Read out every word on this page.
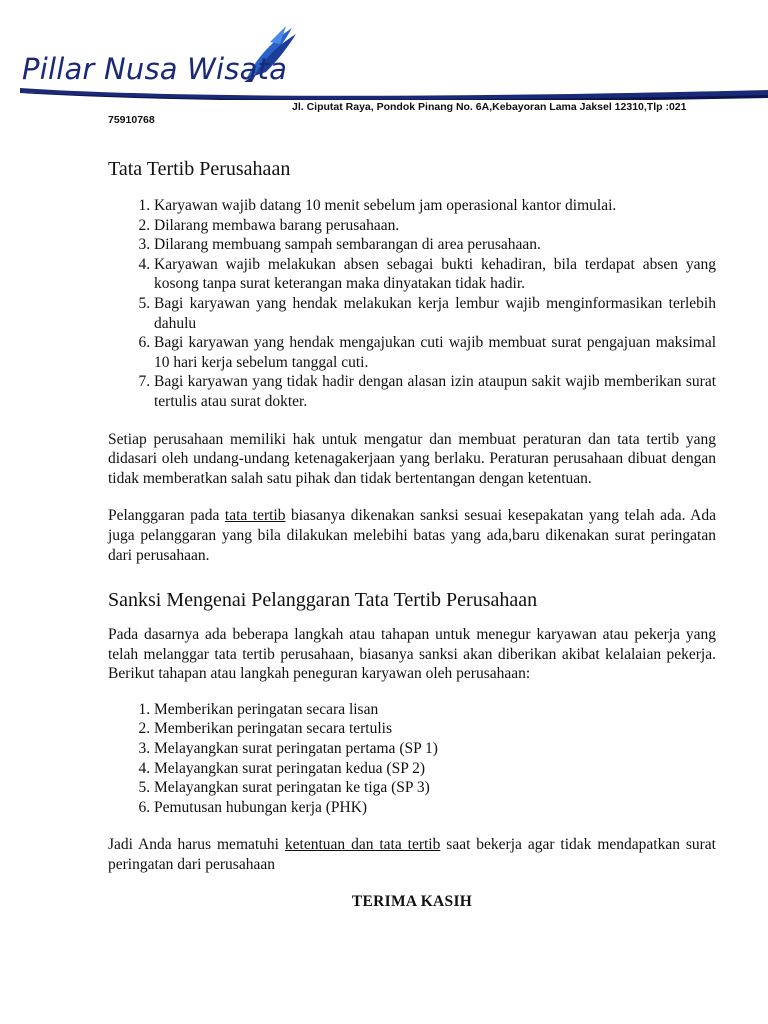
Pillar Nusa Wisata
Jl. Ciputat Raya, Pondok Pinang No. 6A,Kebayoran Lama Jaksel 12310,Tlp :021
75910768
Tata Tertib Perusahaan
1. Karyawan wajib datang 10 menit sebelum jam operasional kantor dimulai.
2. Dilarang membawa barang perusahaan.
3. Dilarang membuang sampah sembarangan di area perusahaan.
4. Karyawan wajib melakukan absen sebagai bukti kehadiran, bila terdapat absen yang kosong tanpa surat keterangan maka dinyatakan tidak hadir.
5. Bagi karyawan yang hendak melakukan kerja lembur wajib menginformasikan terlebih dahulu
6. Bagi karyawan yang hendak mengajukan cuti wajib membuat surat pengajuan maksimal 10 hari kerja sebelum tanggal cuti.
7. Bagi karyawan yang tidak hadir dengan alasan izin ataupun sakit wajib memberikan surat tertulis atau surat dokter.

Setiap perusahaan memiliki hak untuk mengatur dan membuat peraturan dan tata tertib yang didasari oleh undang-undang ketenagakerjaan yang berlaku. Peraturan perusahaan dibuat dengan tidak memberatkan salah satu pihak dan tidak bertentangan dengan ketentuan.

Pelanggaran pada tata tertib biasanya dikenakan sanksi sesuai kesepakatan yang telah ada. Ada juga pelanggaran yang bila dilakukan melebihi batas yang ada,baru dikenakan surat peringatan dari perusahaan.

Sanksi Mengenai Pelanggaran Tata Tertib Perusahaan

Pada dasarnya ada beberapa langkah atau tahapan untuk menegur karyawan atau pekerja yang telah melanggar tata tertib perusahaan, biasanya sanksi akan diberikan akibat kelalaian pekerja. Berikut tahapan atau langkah peneguran karyawan oleh perusahaan:

1. Memberikan peringatan secara lisan
2. Memberikan peringatan secara tertulis
3. Melayangkan surat peringatan pertama (SP 1)
4. Melayangkan surat peringatan kedua (SP 2)
5. Melayangkan surat peringatan ke tiga (SP 3)
6. Pemutusan hubungan kerja (PHK)

Jadi Anda harus mematuhi ketentuan dan tata tertib saat bekerja agar tidak mendapatkan surat peringatan dari perusahaan

TERIMA KASIH
